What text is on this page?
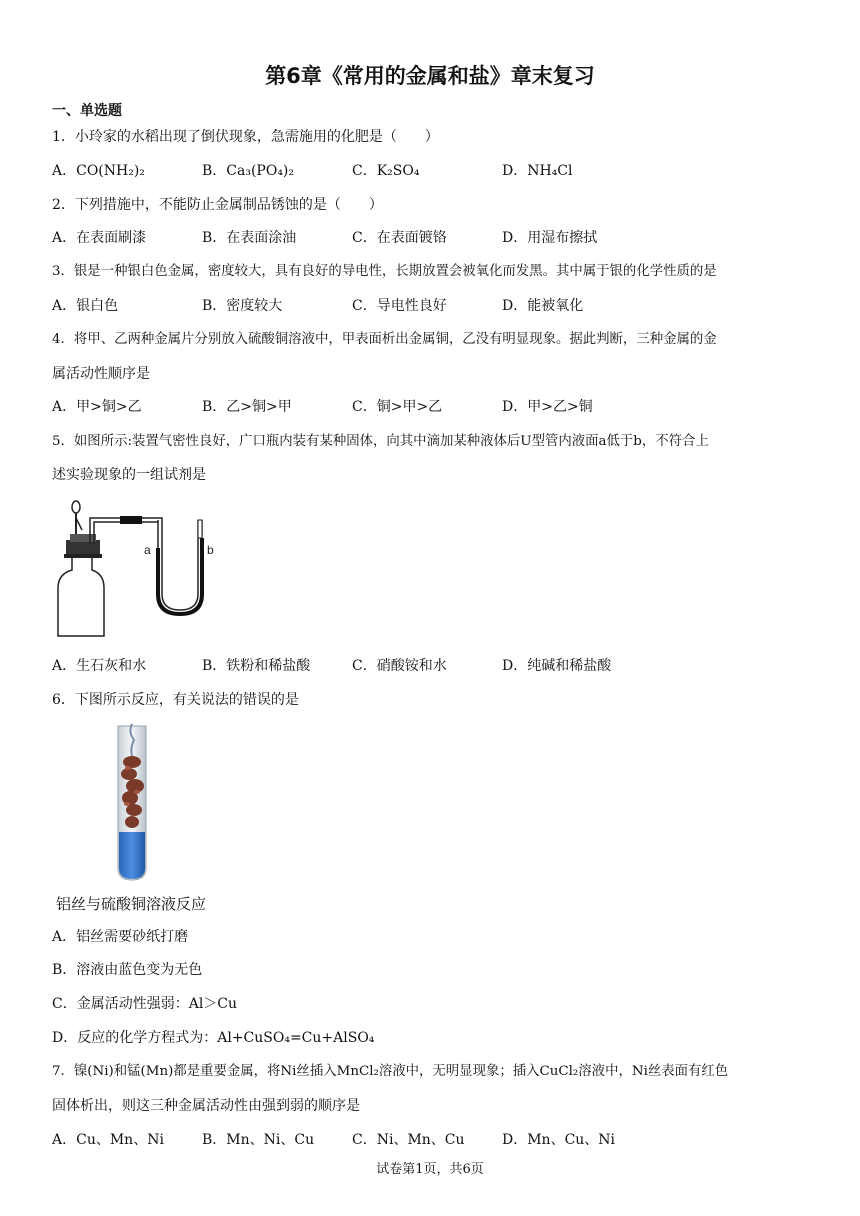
第6章《常用的金属和盐》章末复习
一、单选题
1．小玲家的水稻出现了倒伏现象，急需施用的化肥是（　　）
A．CO(NH₂)₂	B．Ca₃(PO₄)₂	C．K₂SO₄	D．NH₄Cl
2．下列措施中，不能防止金属制品锈蚀的是（　　）
A．在表面刷漆	B．在表面涂油	C．在表面镀铬	D．用湿布擦拭
3．银是一种银白色金属，密度较大，具有良好的导电性，长期放置会被氧化而发黑。其中属于银的化学性质的是
A．银白色	B．密度较大	C．导电性良好	D．能被氧化
4．将甲、乙两种金属片分别放入硫酸铜溶液中，甲表面析出金属铜，乙没有明显现象。据此判断，三种金属的金
属活动性顺序是
A．甲>铜>乙	B．乙>铜>甲	C．铜>甲>乙	D．甲>乙>铜
5．如图所示:装置气密性良好，广口瓶内装有某种固体，向其中滴加某种液体后U型管内液面a低于b，不符合上
述实验现象的一组试剂是
a	b
A．生石灰和水	B．铁粉和稀盐酸	C．硝酸铵和水	D．纯碱和稀盐酸
6．下图所示反应，有关说法的错误的是
铝丝与硫酸铜溶液反应
A．铝丝需要砂纸打磨
B．溶液由蓝色变为无色
C．金属活动性强弱：Al＞Cu
D．反应的化学方程式为：Al+CuSO₄=Cu+AlSO₄
7．镍(Ni)和锰(Mn)都是重要金属，将Ni丝插入MnCl₂溶液中，无明显现象；插入CuCl₂溶液中，Ni丝表面有红色
固体析出，则这三种金属活动性由强到弱的顺序是
A．Cu、Mn、Ni	B．Mn、Ni、Cu	C．Ni、Mn、Cu	D．Mn、Cu、Ni
试卷第1页，共6页
